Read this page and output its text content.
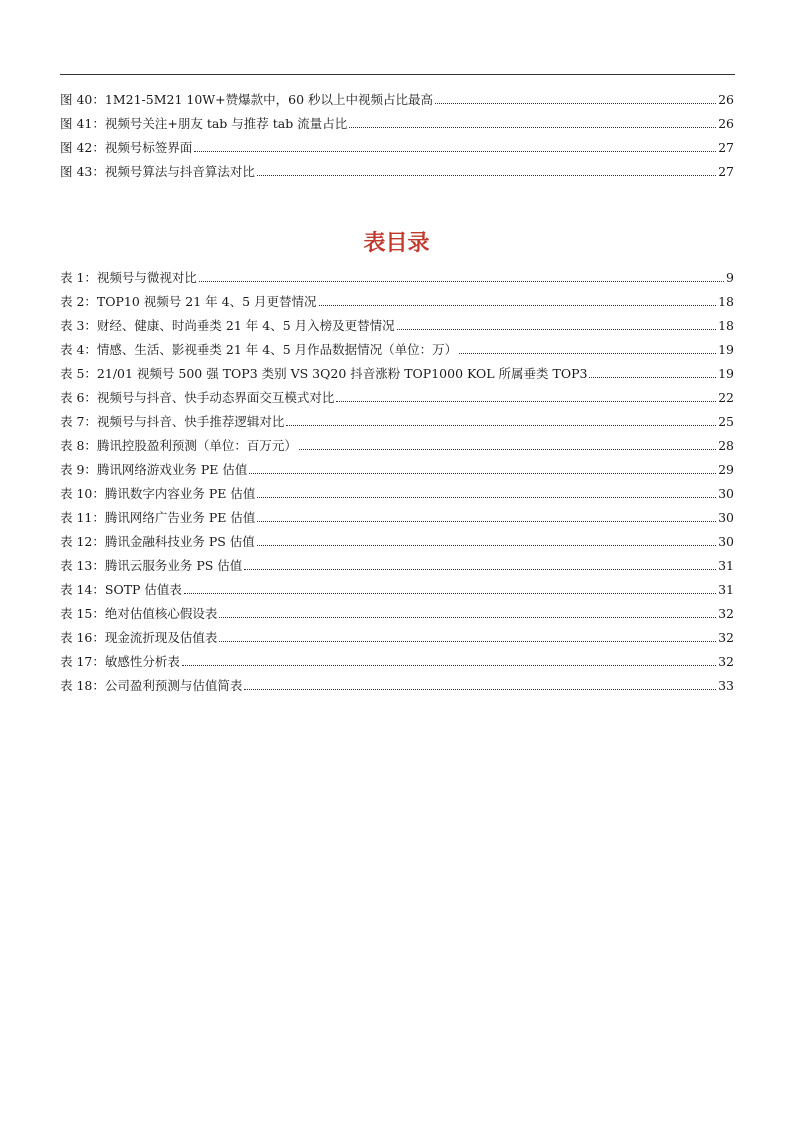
图 40：1M21-5M21 10W+赞爆款中，60 秒以上中视频占比最高	26
图 41：视频号关注+朋友 tab 与推荐 tab 流量占比	26
图 42：视频号标签界面	27
图 43：视频号算法与抖音算法对比	27
表目录
表 1：视频号与微视对比	9
表 2：TOP10 视频号 21 年 4、5 月更替情况	18
表 3：财经、健康、时尚垂类 21 年 4、5 月入榜及更替情况	18
表 4：情感、生活、影视垂类 21 年 4、5 月作品数据情况（单位：万）	19
表 5：21/01 视频号 500 强 TOP3 类别 VS 3Q20 抖音涨粉 TOP1000 KOL 所属垂类 TOP3	19
表 6：视频号与抖音、快手动态界面交互模式对比	22
表 7：视频号与抖音、快手推荐逻辑对比	25
表 8：腾讯控股盈利预测（单位：百万元）	28
表 9：腾讯网络游戏业务 PE 估值	29
表 10：腾讯数字内容业务 PE 估值	30
表 11：腾讯网络广告业务 PE 估值	30
表 12：腾讯金融科技业务 PS 估值	30
表 13：腾讯云服务业务 PS 估值	31
表 14：SOTP 估值表	31
表 15：绝对估值核心假设表	32
表 16：现金流折现及估值表	32
表 17：敏感性分析表	32
表 18：公司盈利预测与估值简表	33
